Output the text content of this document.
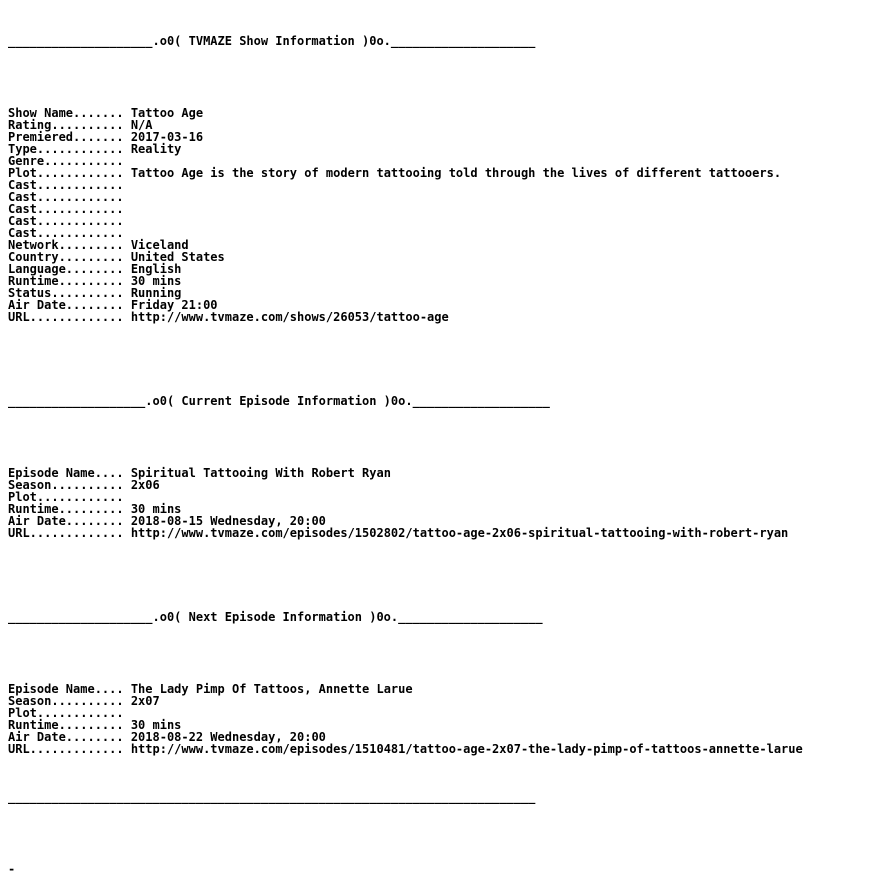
____________________.o0( TVMAZE Show Information )0o.____________________

Show Name....... Tattoo Age
Rating.......... N/A
Premiered....... 2017-03-16
Type............ Reality
Genre...........
Plot............ Tattoo Age is the story of modern tattooing told through the lives of different tattooers.
Cast............
Cast............
Cast............
Cast............
Cast............
Network......... Viceland
Country......... United States
Language........ English
Runtime......... 30 mins
Status.......... Running
Air Date........ Friday 21:00
URL............. http://www.tvmaze.com/shows/26053/tattoo-age

___________________.o0( Current Episode Information )0o.___________________

Episode Name.... Spiritual Tattooing With Robert Ryan
Season.......... 2x06
Plot............
Runtime......... 30 mins
Air Date........ 2018-08-15 Wednesday, 20:00
URL............. http://www.tvmaze.com/episodes/1502802/tattoo-age-2x06-spiritual-tattooing-with-robert-ryan

____________________.o0( Next Episode Information )0o.____________________

Episode Name.... The Lady Pimp Of Tattoos, Annette Larue
Season.......... 2x07
Plot............
Runtime......... 30 mins
Air Date........ 2018-08-22 Wednesday, 20:00
URL............. http://www.tvmaze.com/episodes/1510481/tattoo-age-2x07-the-lady-pimp-of-tattoos-annette-larue

_________________________________________________________________________

-
